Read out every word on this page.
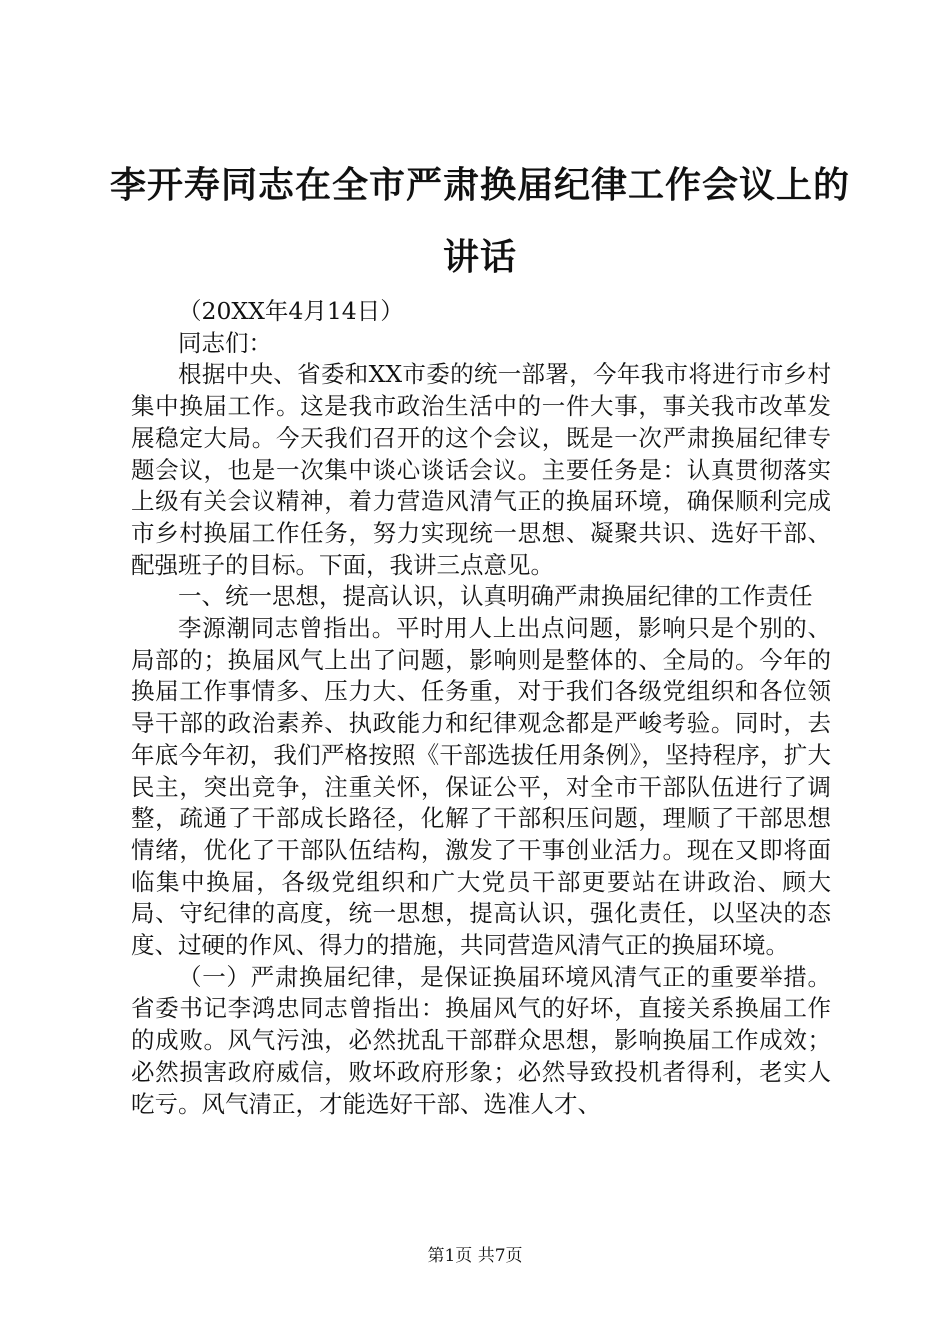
李开寿同志在全市严肃换届纪律工作会议上的
讲话

（20XX年4月14日）

同志们：

根据中央、省委和XX市委的统一部署，今年我市将进行市乡村集中换届工作。这是我市政治生活中的一件大事，事关我市改革发展稳定大局。今天我们召开的这个会议，既是一次严肃换届纪律专题会议，也是一次集中谈心谈话会议。主要任务是：认真贯彻落实上级有关会议精神，着力营造风清气正的换届环境，确保顺利完成市乡村换届工作任务，努力实现统一思想、凝聚共识、选好干部、配强班子的目标。下面，我讲三点意见。

一、统一思想，提高认识，认真明确严肃换届纪律的工作责任

李源潮同志曾指出。平时用人上出点问题，影响只是个别的、局部的；换届风气上出了问题，影响则是整体的、全局的。今年的换届工作事情多、压力大、任务重，对于我们各级党组织和各位领导干部的政治素养、执政能力和纪律观念都是严峻考验。同时，去年底今年初，我们严格按照《干部选拔任用条例》，坚持程序，扩大民主，突出竞争，注重关怀，保证公平，对全市干部队伍进行了调整，疏通了干部成长路径，化解了干部积压问题，理顺了干部思想情绪，优化了干部队伍结构，激发了干事创业活力。现在又即将面临集中换届，各级党组织和广大党员干部更要站在讲政治、顾大局、守纪律的高度，统一思想，提高认识，强化责任，以坚决的态度、过硬的作风、得力的措施，共同营造风清气正的换届环境。

（一）严肃换届纪律，是保证换届环境风清气正的重要举措。省委书记李鸿忠同志曾指出：换届风气的好坏，直接关系换届工作的成败。风气污浊，必然扰乱干部群众思想，影响换届工作成效；必然损害政府威信，败坏政府形象；必然导致投机者得利，老实人吃亏。风气清正，才能选好干部、选准人才、

第1页 共7页
